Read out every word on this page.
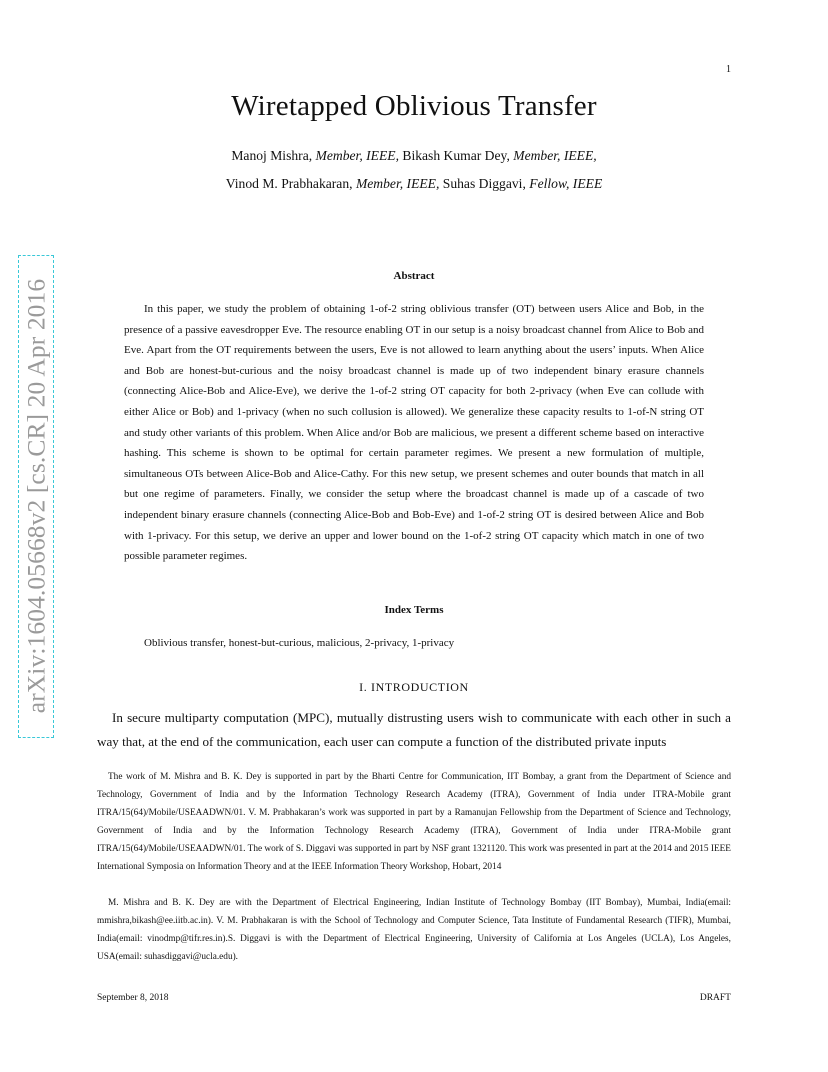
1
arXiv:1604.05668v2 [cs.CR] 20 Apr 2016
Wiretapped Oblivious Transfer
Manoj Mishra, Member, IEEE, Bikash Kumar Dey, Member, IEEE,
Vinod M. Prabhakaran, Member, IEEE, Suhas Diggavi, Fellow, IEEE
Abstract

In this paper, we study the problem of obtaining 1-of-2 string oblivious transfer (OT) between users Alice and Bob, in the presence of a passive eavesdropper Eve. The resource enabling OT in our setup is a noisy broadcast channel from Alice to Bob and Eve. Apart from the OT requirements between the users, Eve is not allowed to learn anything about the users’ inputs. When Alice and Bob are honest-but-curious and the noisy broadcast channel is made up of two independent binary erasure channels (connecting Alice-Bob and Alice-Eve), we derive the 1-of-2 string OT capacity for both 2-privacy (when Eve can collude with either Alice or Bob) and 1-privacy (when no such collusion is allowed). We generalize these capacity results to 1-of-N string OT and study other variants of this problem. When Alice and/or Bob are malicious, we present a different scheme based on interactive hashing. This scheme is shown to be optimal for certain parameter regimes. We present a new formulation of multiple, simultaneous OTs between Alice-Bob and Alice-Cathy. For this new setup, we present schemes and outer bounds that match in all but one regime of parameters. Finally, we consider the setup where the broadcast channel is made up of a cascade of two independent binary erasure channels (connecting Alice-Bob and Bob-Eve) and 1-of-2 string OT is desired between Alice and Bob with 1-privacy. For this setup, we derive an upper and lower bound on the 1-of-2 string OT capacity which match in one of two possible parameter regimes.

Index Terms

Oblivious transfer, honest-but-curious, malicious, 2-privacy, 1-privacy

I. INTRODUCTION

In secure multiparty computation (MPC), mutually distrusting users wish to communicate with each other in such a way that, at the end of the communication, each user can compute a function of the distributed private inputs

The work of M. Mishra and B. K. Dey is supported in part by the Bharti Centre for Communication, IIT Bombay, a grant from the Department of Science and Technology, Government of India and by the Information Technology Research Academy (ITRA), Government of India under ITRA-Mobile grant ITRA/15(64)/Mobile/USEAADWN/01. V. M. Prabhakaran’s work was supported in part by a Ramanujan Fellowship from the Department of Science and Technology, Government of India and by the Information Technology Research Academy (ITRA), Government of India under ITRA-Mobile grant ITRA/15(64)/Mobile/USEAADWN/01. The work of S. Diggavi was supported in part by NSF grant 1321120. This work was presented in part at the 2014 and 2015 IEEE International Symposia on Information Theory and at the IEEE Information Theory Workshop, Hobart, 2014

M. Mishra and B. K. Dey are with the Department of Electrical Engineering, Indian Institute of Technology Bombay (IIT Bombay), Mumbai, India(email: mmishra,bikash@ee.iitb.ac.in). V. M. Prabhakaran is with the School of Technology and Computer Science, Tata Institute of Fundamental Research (TIFR), Mumbai, India(email: vinodmp@tifr.res.in).S. Diggavi is with the Department of Electrical Engineering, University of California at Los Angeles (UCLA), Los Angeles, USA(email: suhasdiggavi@ucla.edu).

September 8, 2018	DRAFT
